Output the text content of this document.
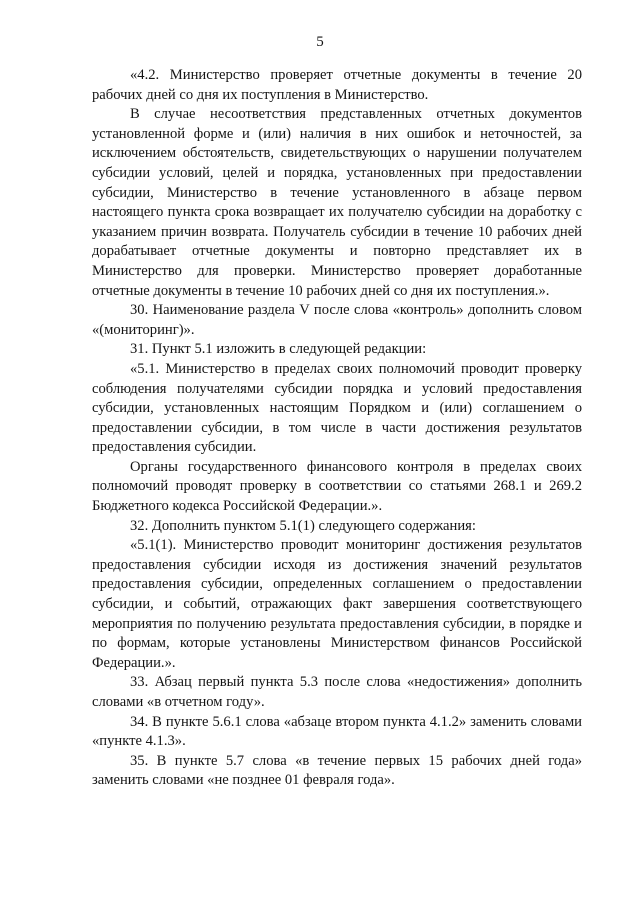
5

«4.2. Министерство проверяет отчетные документы в течение 20 рабочих дней со дня их поступления в Министерство.

В случае несоответствия представленных отчетных документов установленной форме и (или) наличия в них ошибок и неточностей, за исключением обстоятельств, свидетельствующих о нарушении получателем субсидии условий, целей и порядка, установленных при предоставлении субсидии, Министерство в течение установленного в абзаце первом настоящего пункта срока возвращает их получателю субсидии на доработку с указанием причин возврата. Получатель субсидии в течение 10 рабочих дней дорабатывает отчетные документы и повторно представляет их в Министерство для проверки. Министерство проверяет доработанные отчетные документы в течение 10 рабочих дней со дня их поступления.».

30. Наименование раздела V после слова «контроль» дополнить словом «(мониторинг)».

31. Пункт 5.1 изложить в следующей редакции:

«5.1. Министерство в пределах своих полномочий проводит проверку соблюдения получателями субсидии порядка и условий предоставления субсидии, установленных настоящим Порядком и (или) соглашением о предоставлении субсидии, в том числе в части достижения результатов предоставления субсидии.

Органы государственного финансового контроля в пределах своих полномочий проводят проверку в соответствии со статьями 268.1 и 269.2 Бюджетного кодекса Российской Федерации.».

32. Дополнить пунктом 5.1(1) следующего содержания:

«5.1(1). Министерство проводит мониторинг достижения результатов предоставления субсидии исходя из достижения значений результатов предоставления субсидии, определенных соглашением о предоставлении субсидии, и событий, отражающих факт завершения соответствующего мероприятия по получению результата предоставления субсидии, в порядке и по формам, которые установлены Министерством финансов Российской Федерации.».

33. Абзац первый пункта 5.3 после слова «недостижения» дополнить словами «в отчетном году».

34. В пункте 5.6.1 слова «абзаце втором пункта 4.1.2» заменить словами «пункте 4.1.3».

35. В пункте 5.7 слова «в течение первых 15 рабочих дней года» заменить словами «не позднее 01 февраля года».
